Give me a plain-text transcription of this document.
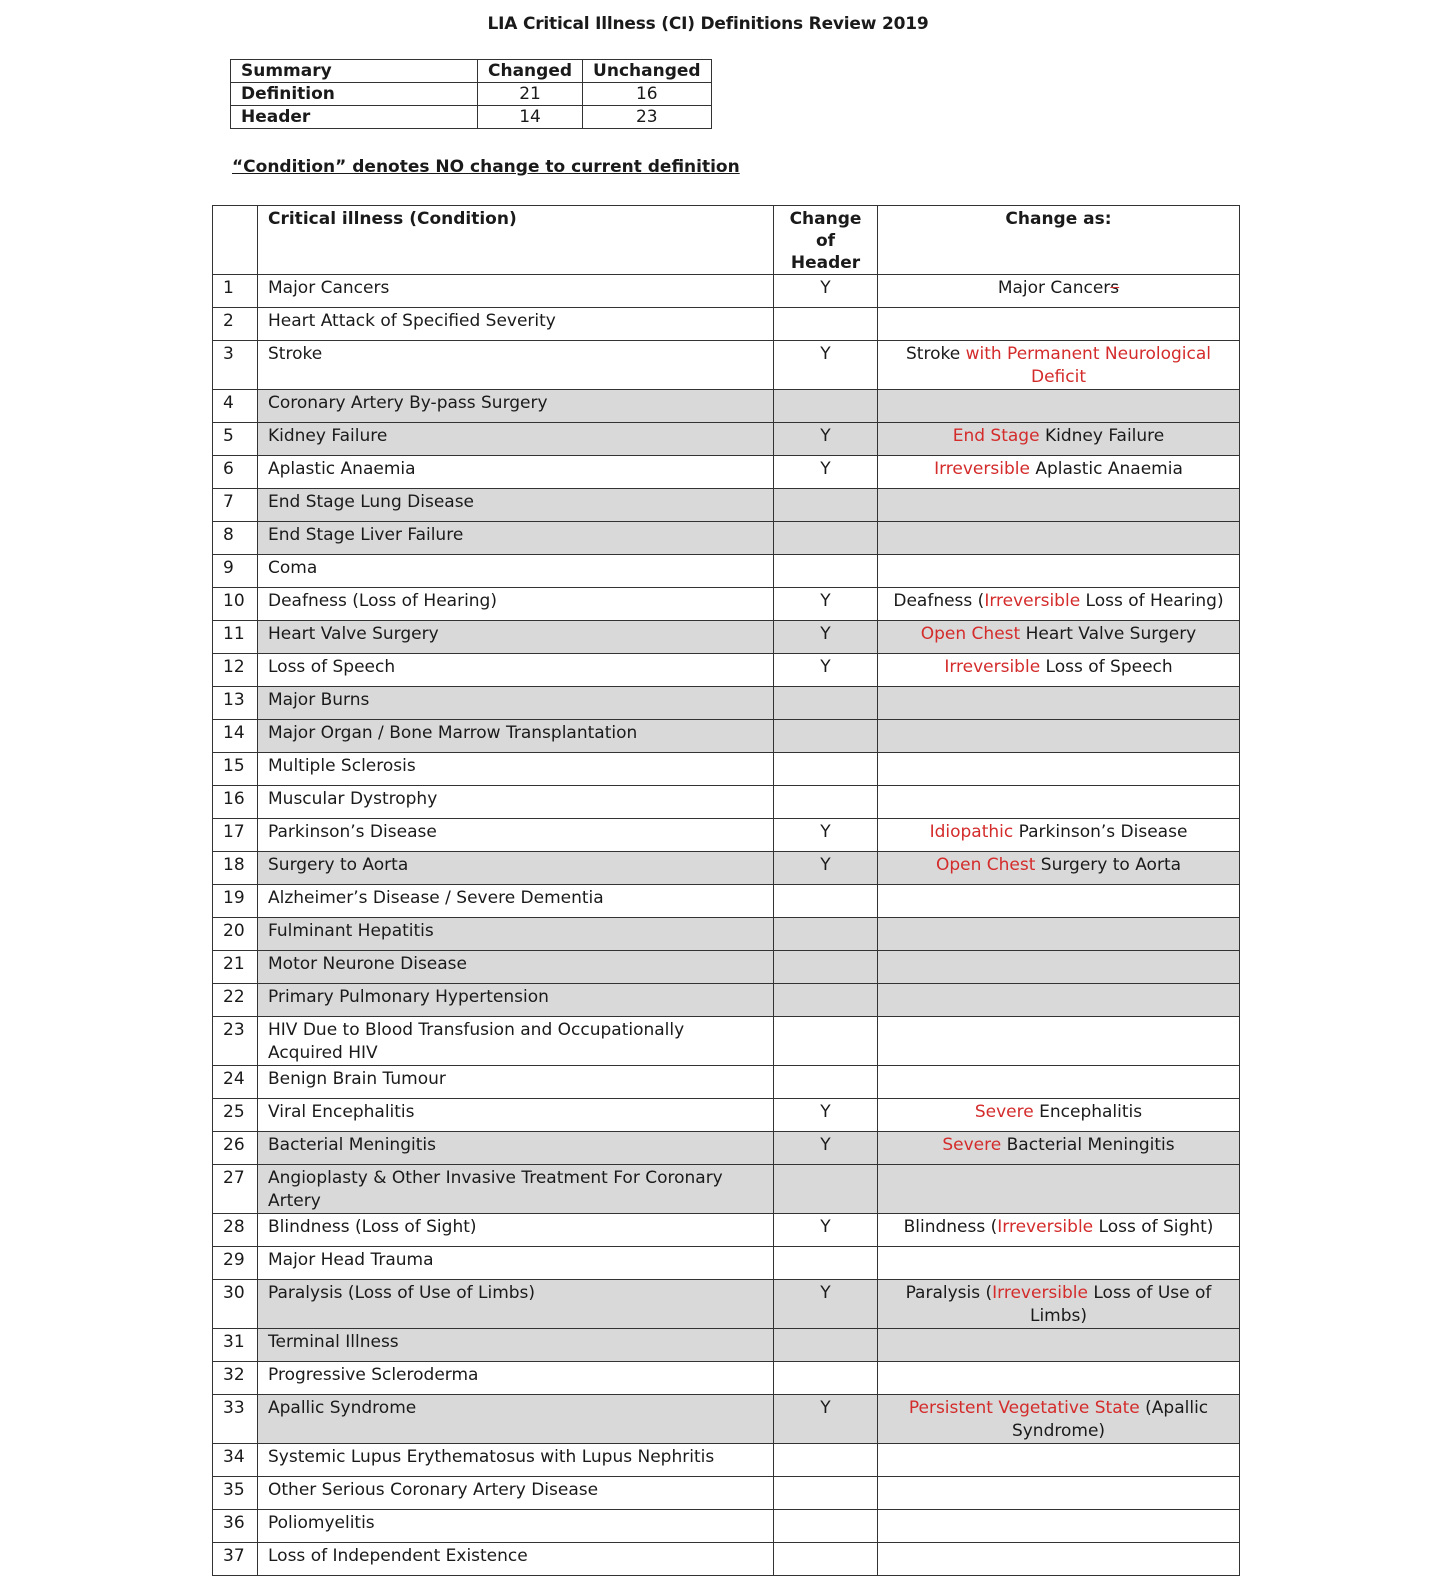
LIA Critical Illness (CI) Definitions Review 2019
Summary	Changed	Unchanged
Definition	21	16
Header	14	23
“Condition” denotes NO change to current definition
	Critical illness (Condition)	Change of Header	Change as:
1	Major Cancers	Y	Major Cancers
2	Heart Attack of Specified Severity		
3	Stroke	Y	Stroke with Permanent Neurological Deficit
4	Coronary Artery By-pass Surgery		
5	Kidney Failure	Y	End Stage Kidney Failure
6	Aplastic Anaemia	Y	Irreversible Aplastic Anaemia
7	End Stage Lung Disease		
8	End Stage Liver Failure		
9	Coma		
10	Deafness (Loss of Hearing)	Y	Deafness (Irreversible Loss of Hearing)
11	Heart Valve Surgery	Y	Open Chest Heart Valve Surgery
12	Loss of Speech	Y	Irreversible Loss of Speech
13	Major Burns		
14	Major Organ / Bone Marrow Transplantation		
15	Multiple Sclerosis		
16	Muscular Dystrophy		
17	Parkinson’s Disease	Y	Idiopathic Parkinson’s Disease
18	Surgery to Aorta	Y	Open Chest Surgery to Aorta
19	Alzheimer’s Disease / Severe Dementia		
20	Fulminant Hepatitis		
21	Motor Neurone Disease		
22	Primary Pulmonary Hypertension		
23	HIV Due to Blood Transfusion and Occupationally Acquired HIV		
24	Benign Brain Tumour		
25	Viral Encephalitis	Y	Severe Encephalitis
26	Bacterial Meningitis	Y	Severe Bacterial Meningitis
27	Angioplasty & Other Invasive Treatment For Coronary Artery		
28	Blindness (Loss of Sight)	Y	Blindness (Irreversible Loss of Sight)
29	Major Head Trauma		
30	Paralysis (Loss of Use of Limbs)	Y	Paralysis (Irreversible Loss of Use of Limbs)
31	Terminal Illness		
32	Progressive Scleroderma		
33	Apallic Syndrome	Y	Persistent Vegetative State (Apallic Syndrome)
34	Systemic Lupus Erythematosus with Lupus Nephritis		
35	Other Serious Coronary Artery Disease		
36	Poliomyelitis		
37	Loss of Independent Existence		
